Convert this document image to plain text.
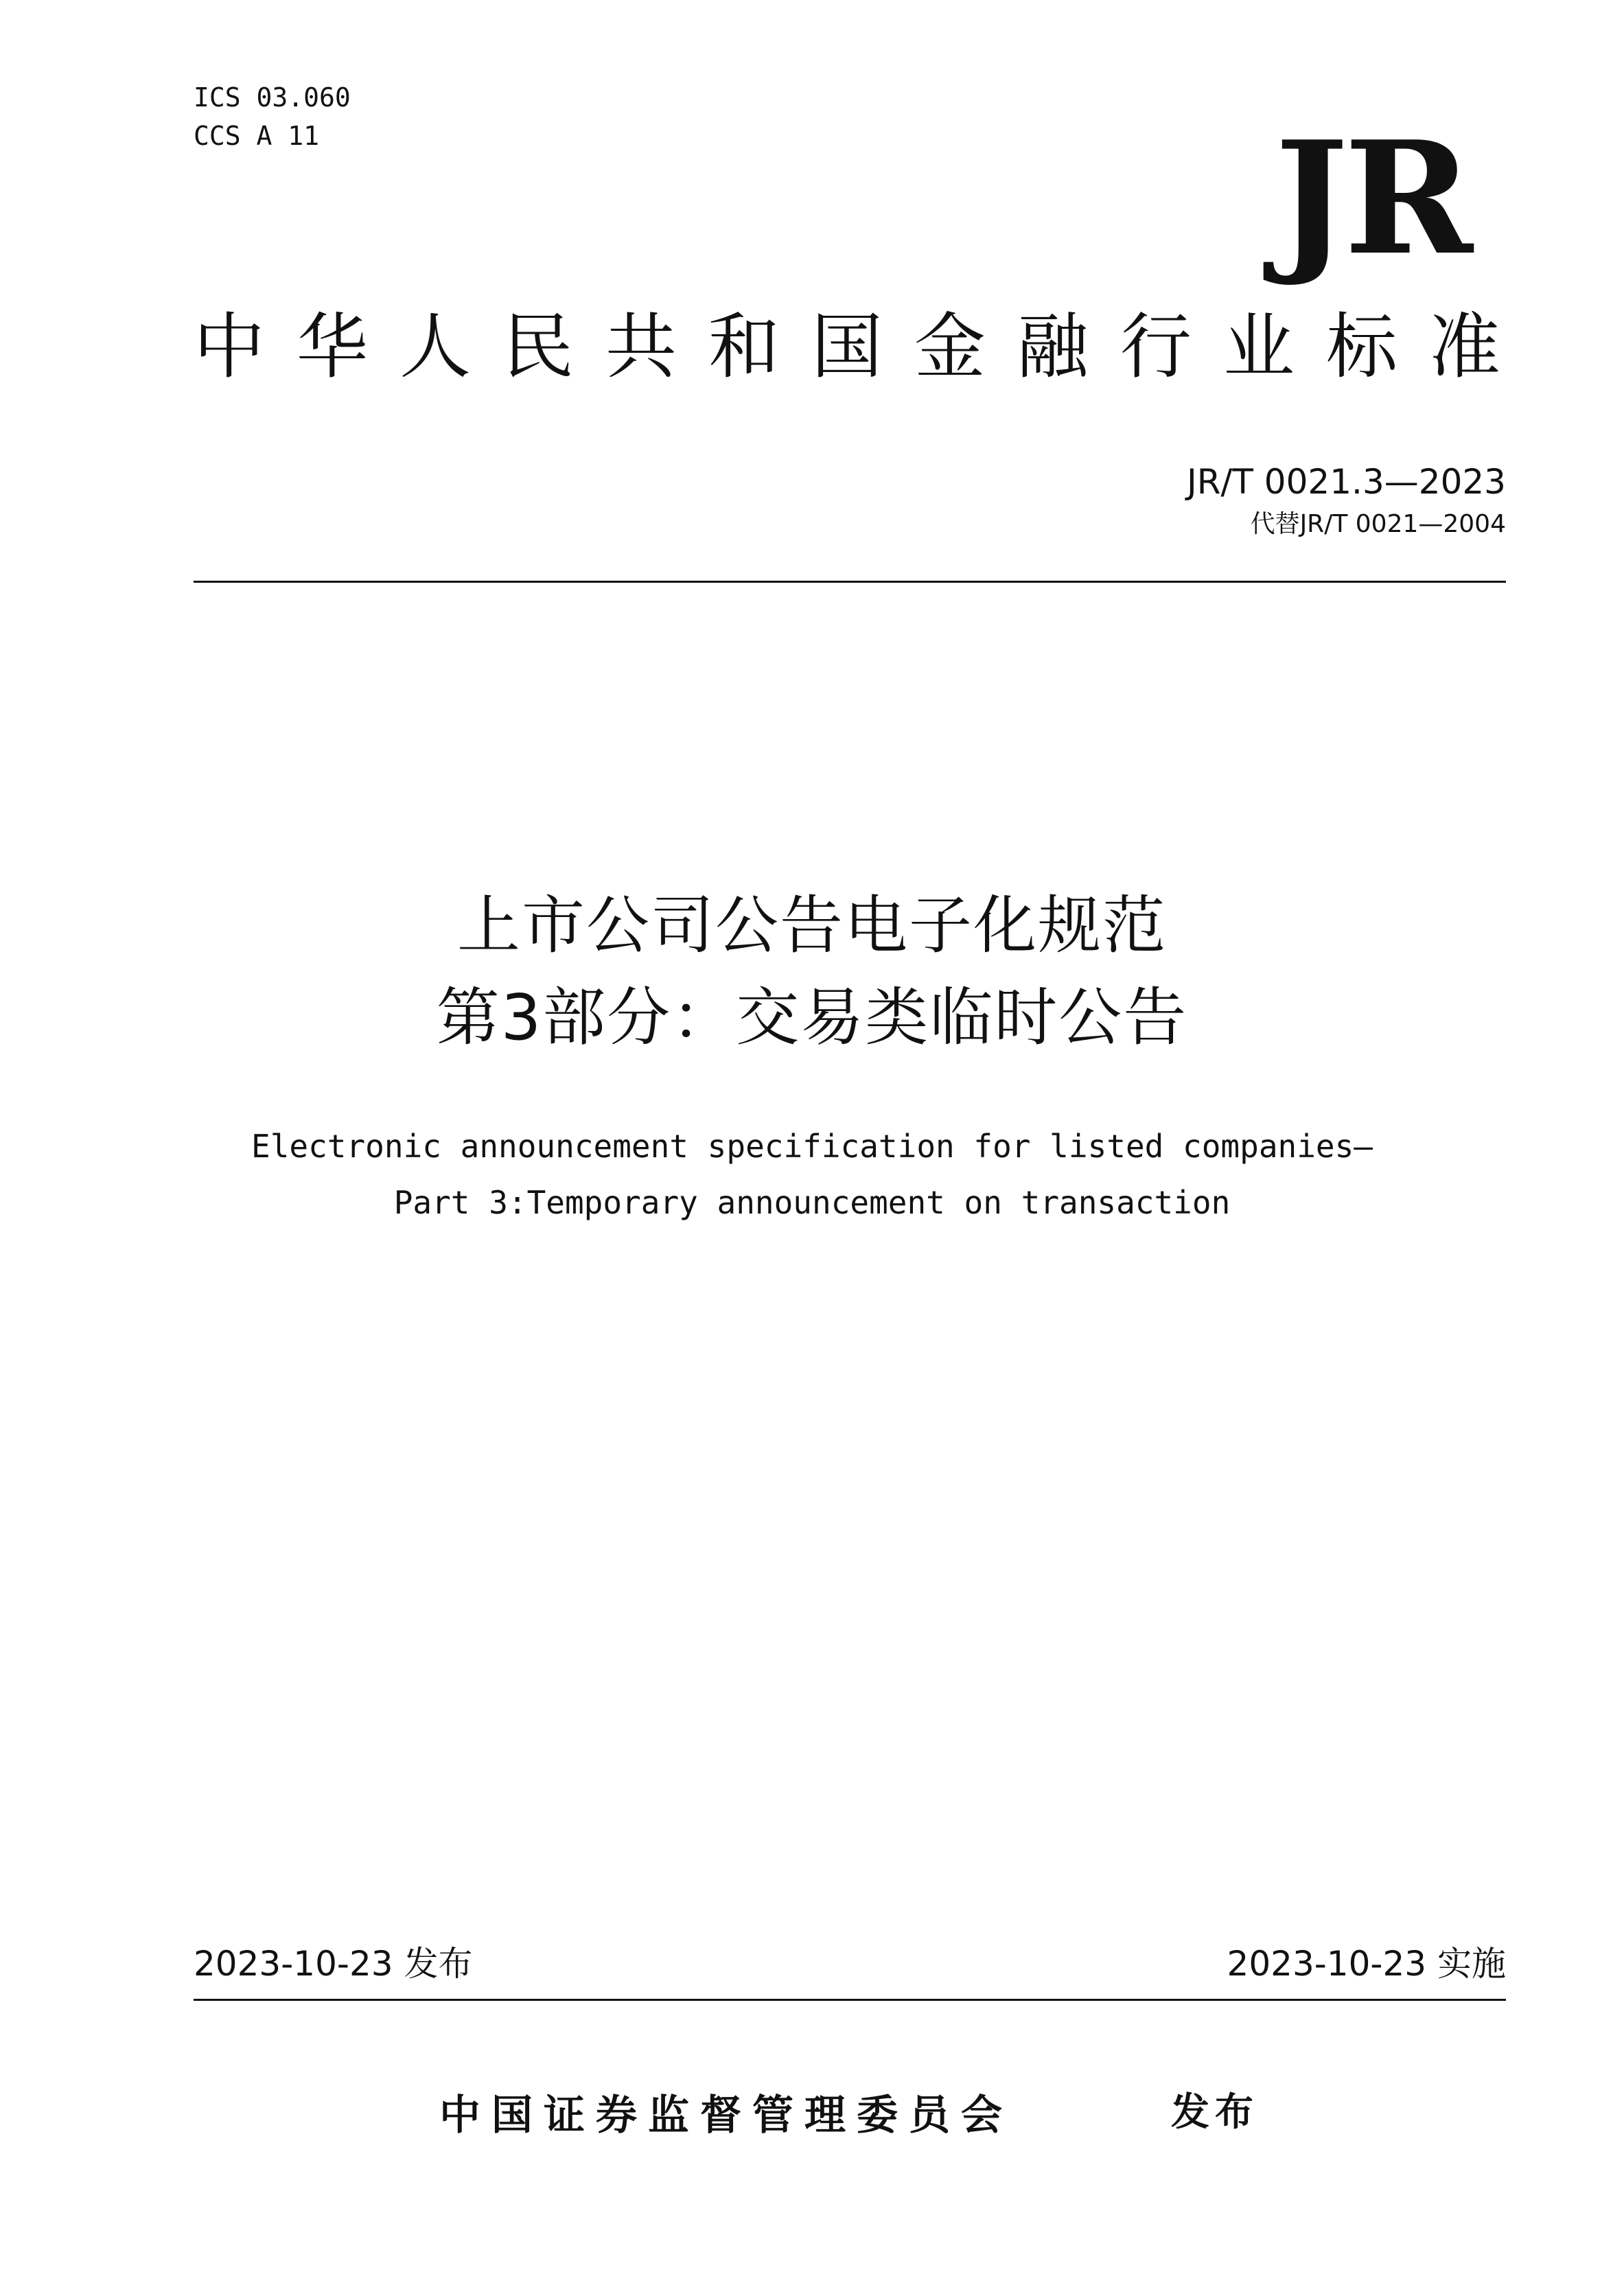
ICS 03.060
CCS A 11	JR
中华人民共和国金融行业标准
JR/T 0021.3—2023
代替JR/T 0021—2004
上市公司公告电子化规范
第3部分：交易类临时公告
Electronic announcement specification for listed companies—
Part 3:Temporary announcement on transaction
2023-10-23 发布	2023-10-23 实施
中国证券监督管理委员会	发布
